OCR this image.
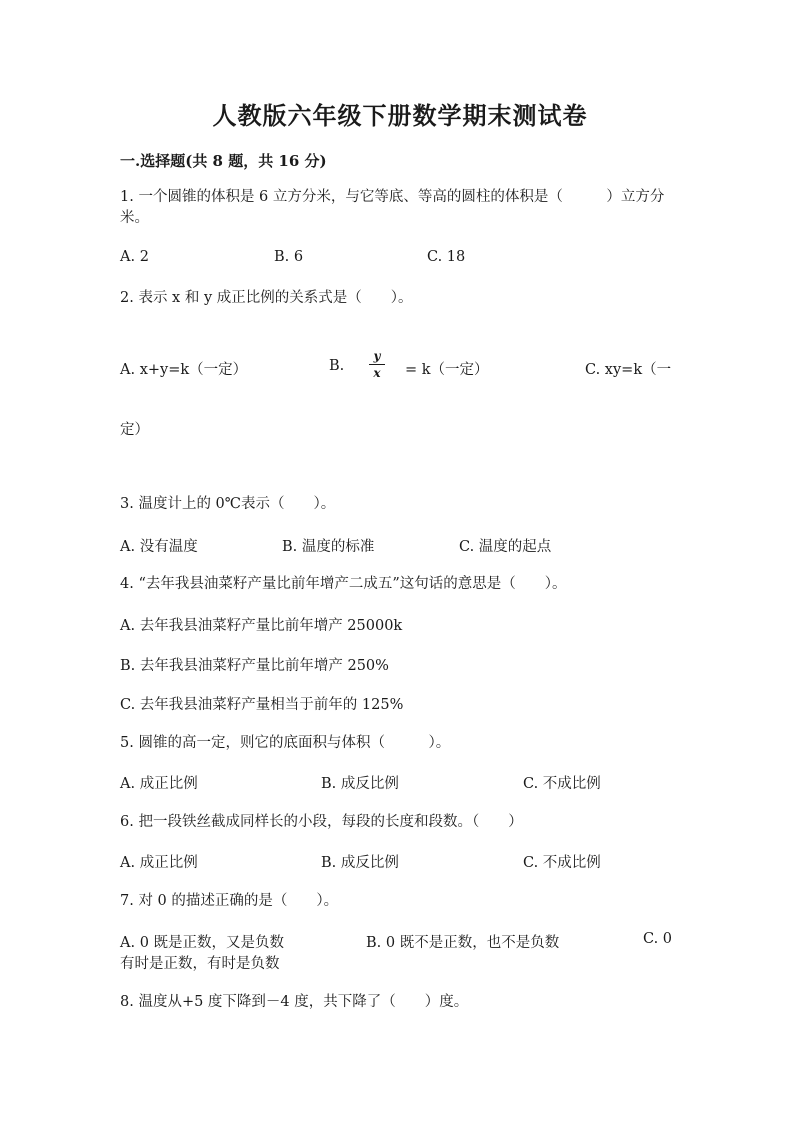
人教版六年级下册数学期末测试卷
一.选择题(共 8 题，共 16 分)
1. 一个圆锥的体积是 6 立方分米，与它等底、等高的圆柱的体积是（　　　）立方分米。
A. 2	B. 6	C. 18
2. 表示 x 和 y 成正比例的关系式是（　　）。
A. x+y=k（一定）	B.
y
x	= k（一定）	C. xy=k（一
定）
3. 温度计上的 0℃表示（　　）。
A. 没有温度	B. 温度的标准	C. 温度的起点
4. “去年我县油菜籽产量比前年增产二成五”这句话的意思是（　　）。
A. 去年我县油菜籽产量比前年增产 25000k
B. 去年我县油菜籽产量比前年增产 250%
C. 去年我县油菜籽产量相当于前年的 125%
5. 圆锥的高一定，则它的底面积与体积（　　　）。
A. 成正比例	B. 成反比例	C. 不成比例
6. 把一段铁丝截成同样长的小段，每段的长度和段数。（　　）
A. 成正比例	B. 成反比例	C. 不成比例
7. 对 0 的描述正确的是（　　）。
A. 0 既是正数，又是负数	B. 0 既不是正数，也不是负数	C. 0
有时是正数，有时是负数
8. 温度从+5 度下降到－4 度，共下降了（　　）度。
